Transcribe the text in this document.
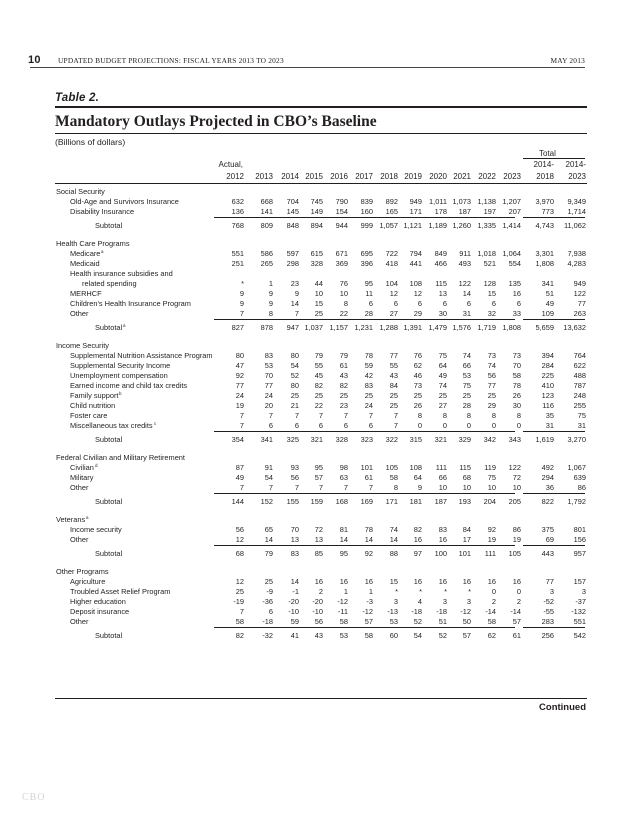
10 UPDATED BUDGET PROJECTIONS: FISCAL YEARS 2013 TO 2023	MAY 2013
Table 2.
Mandatory Outlays Projected in CBO’s Baseline
(Billions of dollars)
Total
Actual,
2012	2013	2014 2015 2016 2017 2018 2019 2020 2021 2022 2023
2014-	2014-
2018	2023
Social Security
Old-Age and Survivors Insurance	632	668	704	745	790	839	892	949 1,011 1,073 1,138 1,207	3,970	9,349
Disability Insurance	136	141	145	149	154	160	165	171	178	187	197	207	773	1,714
Subtotal	768	809	848	894	944	999 1,057 1,121 1,189 1,260 1,335 1,414	4,743	11,062
Health Care Programs
Medicare a	551	586	597	615	671	695	722	794	849	911 1,018 1,064	3,301	7,938
Medicaid	251	265	298	328	369	396	418	441	466	493	521	554	1,808	4,283
Health insurance subsidies and
related spending	*	1	23	44	76	95	104	108	115	122	128	135	341	949
MERHCF	9	9	9	10	10	11	12	12	13	14	15	16	51	122
Children's Health Insurance Program	9	9	14	15	8	6	6	6	6	6	6	6	49	77
Other	7	8	7	25	22	28	27	29	30	31	32	33	109	263
Subtotal a	827	878	947 1,037 1,157 1,231 1,288 1,391 1,479 1,576 1,719 1,808	5,659	13,632
Income Security
Supplemental Nutrition Assistance Program	80	83	80	79	79	78	77	76	75	74	73	73	394	764
Supplemental Security Income	47	53	54	55	61	59	55	62	64	66	74	70	284	622
Unemployment compensation	92	70	52	45	43	42	43	46	49	53	56	58	225	488
Earned income and child tax credits	77	77	80	82	82	83	84	73	74	75	77	78	410	787
Family support b	24	24	25	25	25	25	25	25	25	25	25	26	123	248
Child nutrition	19	20	21	22	23	24	25	26	27	28	29	30	116	255
Foster care	7	7	7	7	7	7	7	8	8	8	8	8	35	75
Miscellaneous tax credits c	7	6	6	6	6	6	7	0	0	0	0	0	31	31
Subtotal	354	341	325	321	328	323	322	315	321	329	342	343	1,619	3,270
Federal Civilian and Military Retirement
Civilian d	87	91	93	95	98	101	105	108	111	115	119	122	492	1,067
Military	49	54	56	57	63	61	58	64	66	68	75	72	294	639
Other	7	7	7	7	7	7	8	9	10	10	10	10	36	86
Subtotal	144	152	155	159	168	169	171	181	187	193	204	205	822	1,792
Veterans a
Income security	56	65	70	72	81	78	74	82	83	84	92	86	375	801
Other	12	14	13	13	14	14	14	16	16	17	19	19	69	156
Subtotal	68	79	83	85	95	92	88	97	100	101	111	105	443	957
Other Programs
Agriculture	12	25	14	16	16	16	15	16	16	16	16	16	77	157
Troubled Asset Relief Program	25	-9	-1	2	1	1	*	*	*	*	0	0	3	3
Higher education	-19	-36	-20	-20	-12	-3	3	4	3	3	2	2	-52	-37
Deposit insurance	7	6	-10	-10	-11	-12	-13	-18	-18	-12	-14	-14	-55	-132
Other	58	-18	59	56	58	57	53	52	51	50	58	57	283	551
Subtotal	82	-32	41	43	53	58	60	54	52	57	62	61	256	542
Continued
CBO
